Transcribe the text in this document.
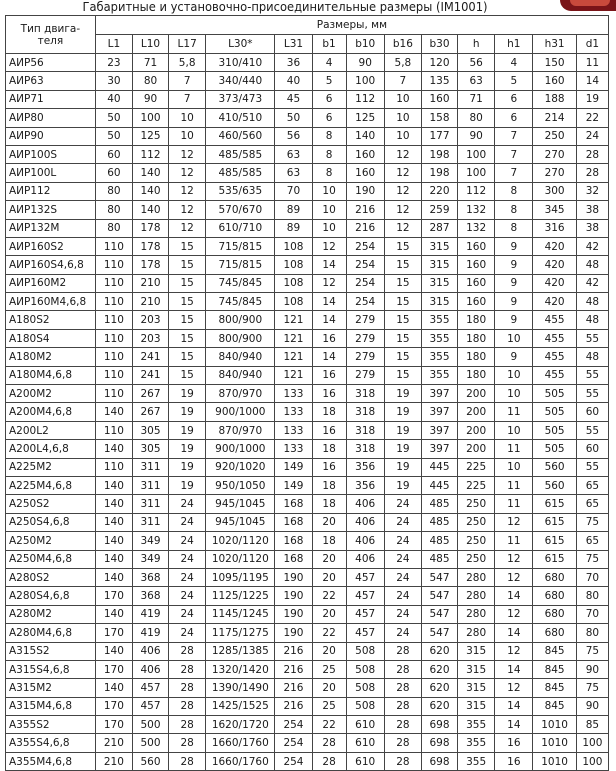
Габаритные и установочно-присоединительные размеры (IM1001)
Тип двига-
теля	Размеры, мм												
	L1	L10	L17	L30*	L31	b1	b10	b16	b30	h	h1	h31	d1
АИР56	23	71	5,8	310/410	36	4	90	5,8	120	56	4	150	11
АИР63	30	80	7	340/440	40	5	100	7	135	63	5	160	14
АИР71	40	90	7	373/473	45	6	112	10	160	71	6	188	19
АИР80	50	100	10	410/510	50	6	125	10	158	80	6	214	22
АИР90	50	125	10	460/560	56	8	140	10	177	90	7	250	24
АИР100S	60	112	12	485/585	63	8	160	12	198	100	7	270	28
АИР100L	60	140	12	485/585	63	8	160	12	198	100	7	270	28
АИР112	80	140	12	535/635	70	10	190	12	220	112	8	300	32
АИР132S	80	140	12	570/670	89	10	216	12	259	132	8	345	38
АИР132M	80	178	12	610/710	89	10	216	12	287	132	8	316	38
АИР160S2	110	178	15	715/815	108	12	254	15	315	160	9	420	42
АИР160S4,6,8	110	178	15	715/815	108	14	254	15	315	160	9	420	48
АИР160M2	110	210	15	745/845	108	12	254	15	315	160	9	420	42
АИР160M4,6,8	110	210	15	745/845	108	14	254	15	315	160	9	420	48
А180S2	110	203	15	800/900	121	14	279	15	355	180	9	455	48
А180S4	110	203	15	800/900	121	16	279	15	355	180	10	455	55
А180M2	110	241	15	840/940	121	14	279	15	355	180	9	455	48
А180M4,6,8	110	241	15	840/940	121	16	279	15	355	180	10	455	55
А200M2	110	267	19	870/970	133	16	318	19	397	200	10	505	55
А200M4,6,8	140	267	19	900/1000	133	18	318	19	397	200	11	505	60
А200L2	110	305	19	870/970	133	16	318	19	397	200	10	505	55
А200L4,6,8	140	305	19	900/1000	133	18	318	19	397	200	11	505	60
А225M2	110	311	19	920/1020	149	16	356	19	445	225	10	560	55
А225M4,6,8	140	311	19	950/1050	149	18	356	19	445	225	11	560	65
А250S2	140	311	24	945/1045	168	18	406	24	485	250	11	615	65
А250S4,6,8	140	311	24	945/1045	168	20	406	24	485	250	12	615	75
А250M2	140	349	24	1020/1120	168	18	406	24	485	250	11	615	65
А250M4,6,8	140	349	24	1020/1120	168	20	406	24	485	250	12	615	75
А280S2	140	368	24	1095/1195	190	20	457	24	547	280	12	680	70
А280S4,6,8	170	368	24	1125/1225	190	22	457	24	547	280	14	680	80
А280M2	140	419	24	1145/1245	190	20	457	24	547	280	12	680	70
А280M4,6,8	170	419	24	1175/1275	190	22	457	24	547	280	14	680	80
А315S2	140	406	28	1285/1385	216	20	508	28	620	315	12	845	75
А315S4,6,8	170	406	28	1320/1420	216	25	508	28	620	315	14	845	90
А315M2	140	457	28	1390/1490	216	20	508	28	620	315	12	845	75
А315M4,6,8	170	457	28	1425/1525	216	25	508	28	620	315	14	845	90
А355S2	170	500	28	1620/1720	254	22	610	28	698	355	14	1010	85
А355S4,6,8	210	500	28	1660/1760	254	28	610	28	698	355	16	1010	100
А355M4,6,8	210	560	28	1660/1760	254	28	610	28	698	355	16	1010	100
